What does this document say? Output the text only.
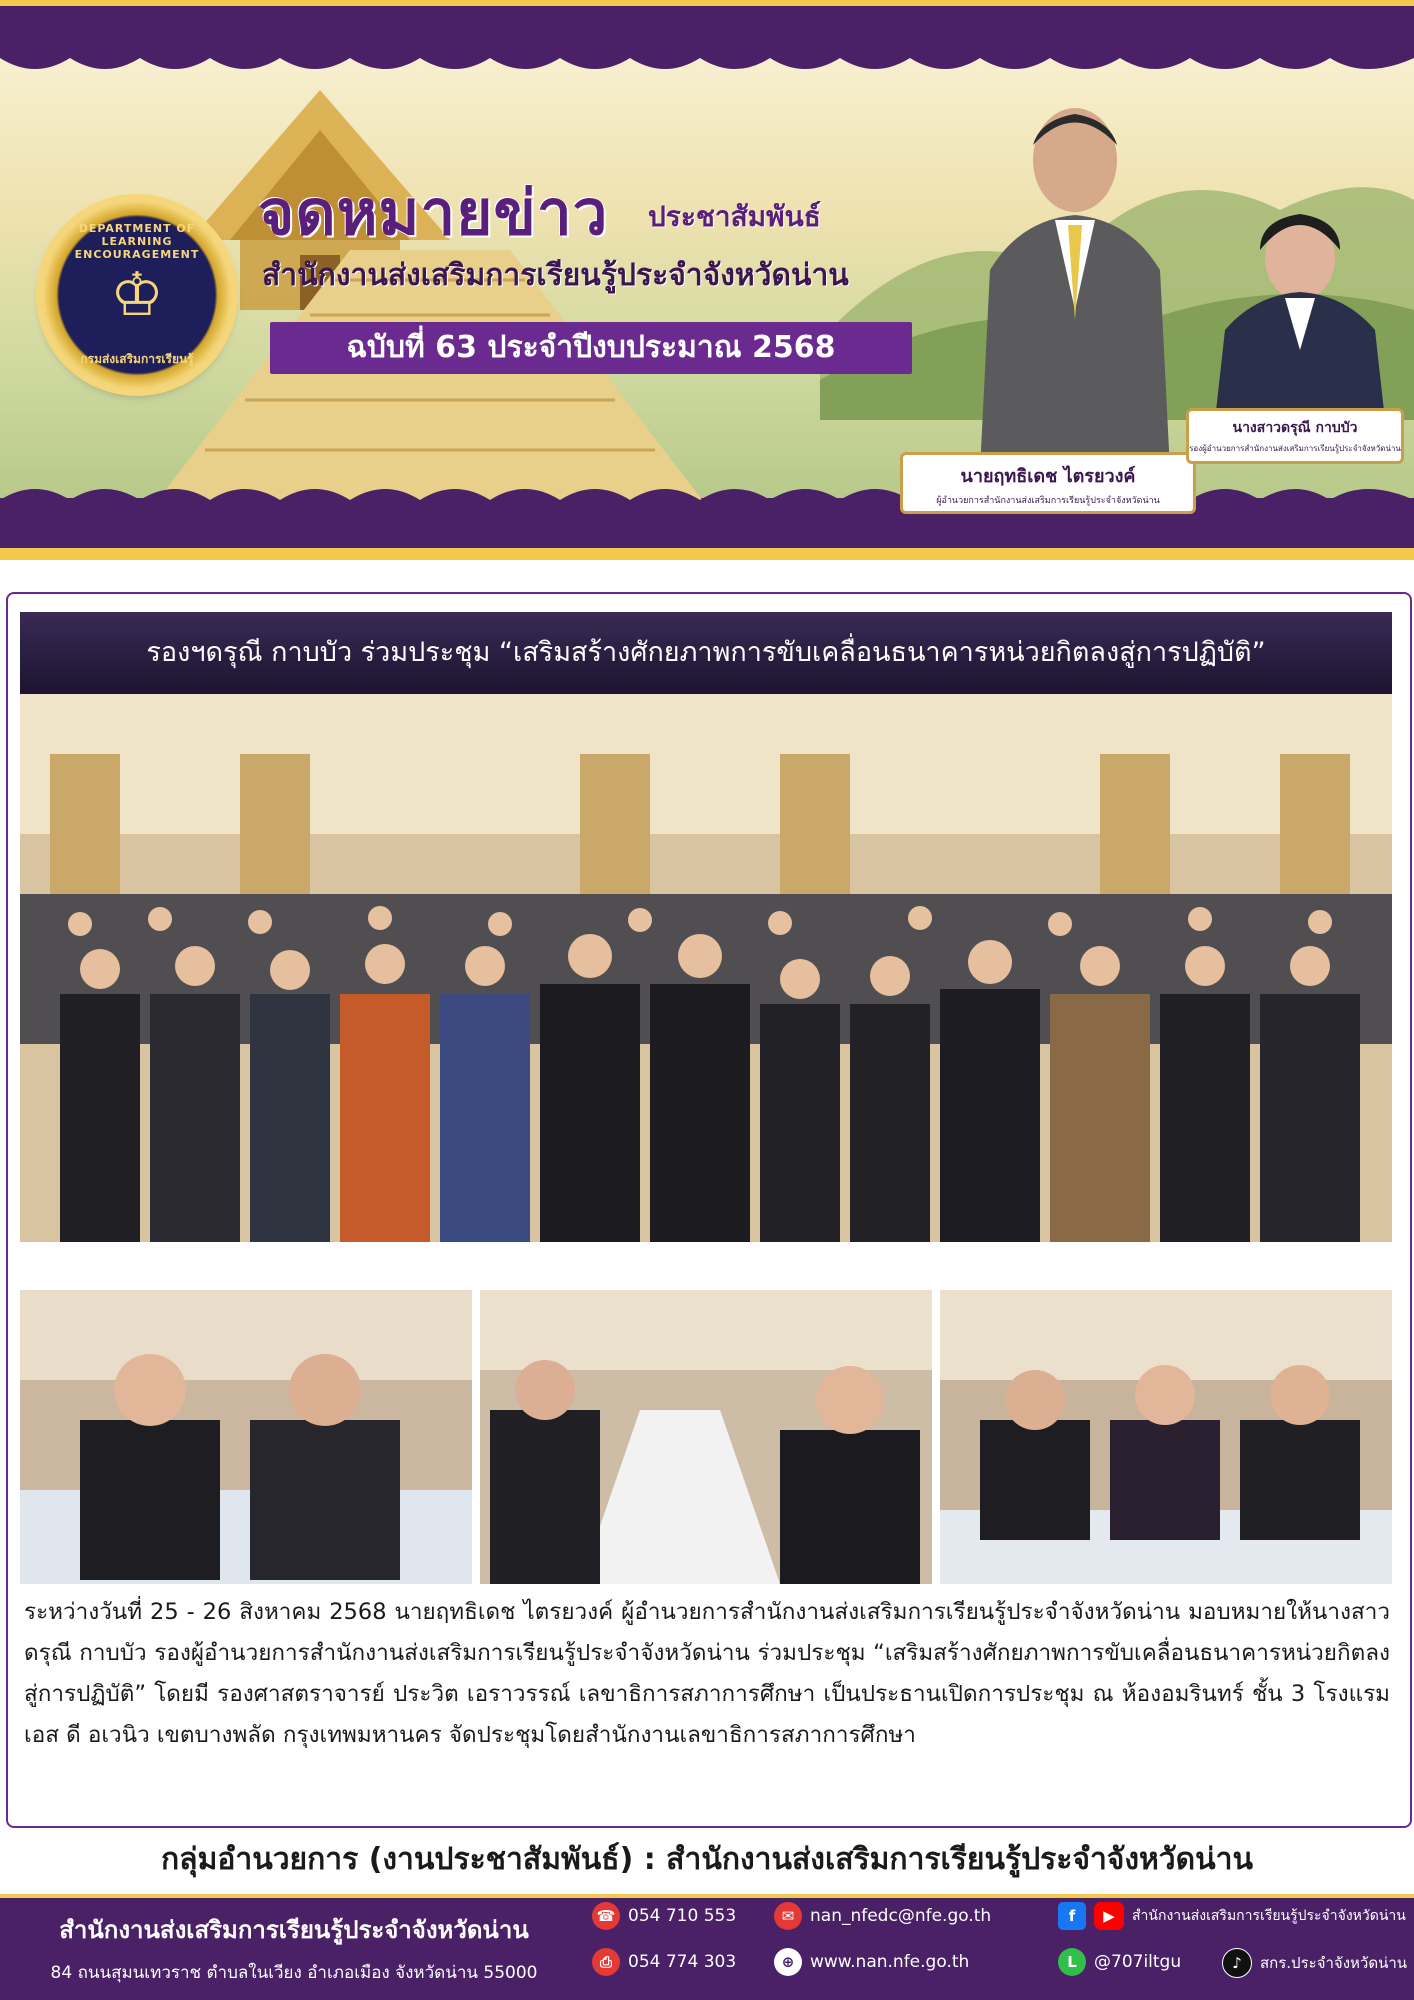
DEPARTMENT OF LEARNING ENCOURAGEMENT
♔
กรมส่งเสริมการเรียนรู้
จดหมายข่าว ประชาสัมพันธ์
สำนักงานส่งเสริมการเรียนรู้ประจำจังหวัดน่าน
ฉบับที่ 63 ประจำปีงบประมาณ 2568
นายฤทธิเดช ไตรยวงค์
ผู้อำนวยการสำนักงานส่งเสริมการเรียนรู้ประจำจังหวัดน่าน
นางสาวดรุณี กาบบัว
รองผู้อำนวยการสำนักงานส่งเสริมการเรียนรู้ประจำจังหวัดน่าน
รองฯดรุณี กาบบัว ร่วมประชุม “เสริมสร้างศักยภาพการขับเคลื่อนธนาคารหน่วยกิตลงสู่การปฏิบัติ”
ระหว่างวันที่ 25 - 26 สิงหาคม 2568 นายฤทธิเดช ไตรยวงค์ ผู้อำนวยการสำนักงานส่งเสริมการเรียนรู้ประจำจังหวัดน่าน มอบหมายให้นางสาวดรุณี กาบบัว รองผู้อำนวยการสำนักงานส่งเสริมการเรียนรู้ประจำจังหวัดน่าน ร่วมประชุม “เสริมสร้างศักยภาพการขับเคลื่อนธนาคารหน่วยกิตลงสู่การปฏิบัติ” โดยมี รองศาสตราจารย์ ประวิต เอราวรรณ์ เลขาธิการสภาการศึกษา เป็นประธานเปิดการประชุม ณ ห้องอมรินทร์ ชั้น 3 โรงแรมเอส ดี อเวนิว เขตบางพลัด กรุงเทพมหานคร จัดประชุมโดยสำนักงานเลขาธิการสภาการศึกษา
กลุ่มอำนวยการ (งานประชาสัมพันธ์) : สำนักงานส่งเสริมการเรียนรู้ประจำจังหวัดน่าน
สำนักงานส่งเสริมการเรียนรู้ประจำจังหวัดน่าน
84 ถนนสุมนเทวราช ตำบลในเวียง อำเภอเมือง จังหวัดน่าน 55000
☎ 054 710 553
⎙ 054 774 303
✉ nan_nfedc@nfe.go.th
⊕ www.nan.nfe.go.th
f	▶	สำนักงานส่งเสริมการเรียนรู้ประจำจังหวัดน่าน
L	@707iltgu	♪	สกร.ประจำจังหวัดน่าน
